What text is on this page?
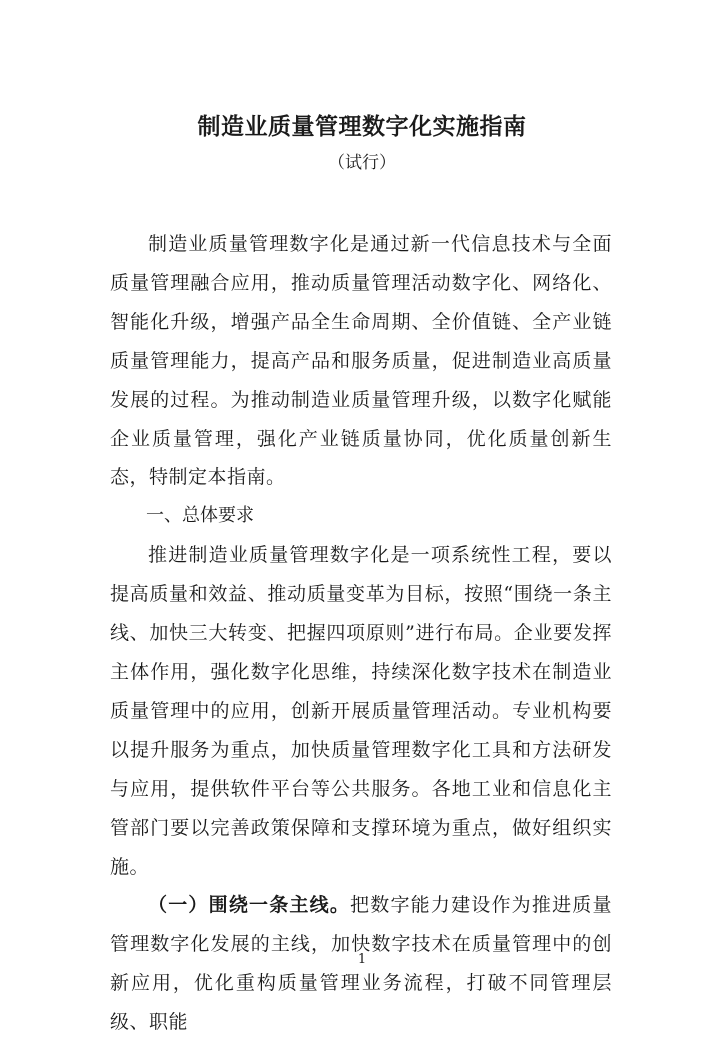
制造业质量管理数字化实施指南
（试行）

制造业质量管理数字化是通过新一代信息技术与全面质量管理融合应用，推动质量管理活动数字化、网络化、智能化升级，增强产品全生命周期、全价值链、全产业链质量管理能力，提高产品和服务质量，促进制造业高质量发展的过程。为推动制造业质量管理升级，以数字化赋能企业质量管理，强化产业链质量协同，优化质量创新生态，特制定本指南。

一、总体要求

推进制造业质量管理数字化是一项系统性工程，要以提高质量和效益、推动质量变革为目标，按照“围绕一条主线、加快三大转变、把握四项原则”进行布局。企业要发挥主体作用，强化数字化思维，持续深化数字技术在制造业质量管理中的应用，创新开展质量管理活动。专业机构要以提升服务为重点，加快质量管理数字化工具和方法研发与应用，提供软件平台等公共服务。各地工业和信息化主管部门要以完善政策保障和支撑环境为重点，做好组织实施。

（一）围绕一条主线。把数字能力建设作为推进质量管理数字化发展的主线，加快数字技术在质量管理中的创新应用，优化重构质量管理业务流程，打破不同管理层级、职能

1
